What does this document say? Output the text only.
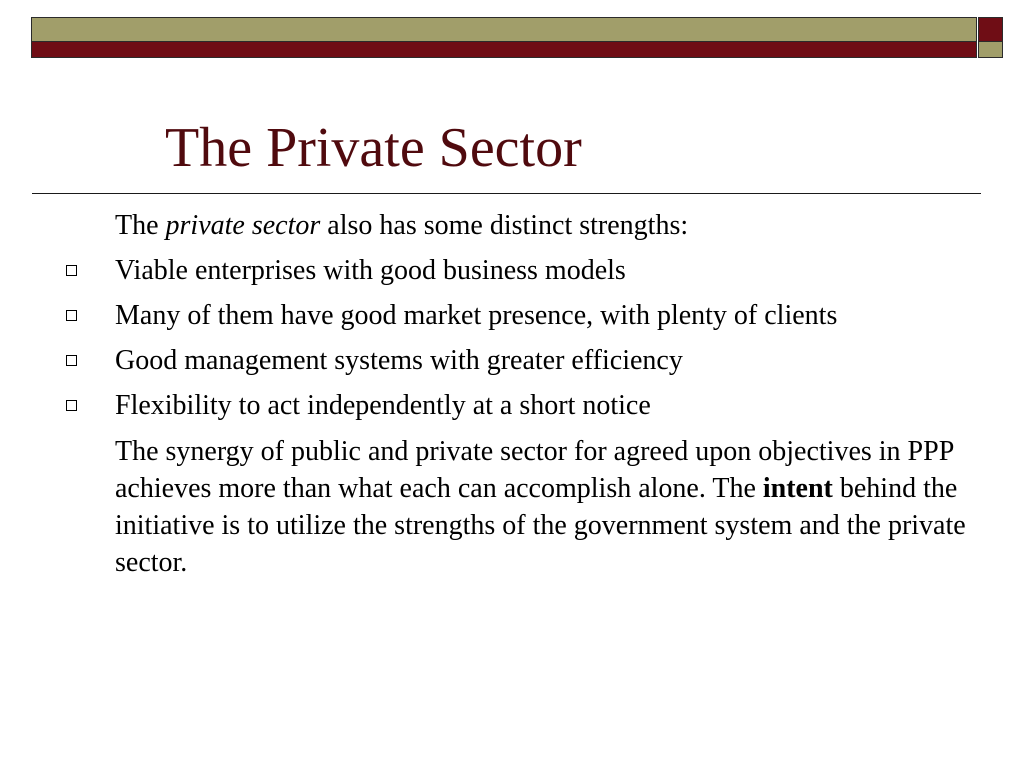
The Private Sector

The private sector also has some distinct strengths:

Viable enterprises with good business models
Many of them have good market presence, with plenty of clients
Good management systems with greater efficiency
Flexibility to act independently at a short notice

The synergy of public and private sector for agreed upon objectives in PPP achieves more than what each can accomplish alone. The intent behind the initiative is to utilize the strengths of the government system and the private sector.
